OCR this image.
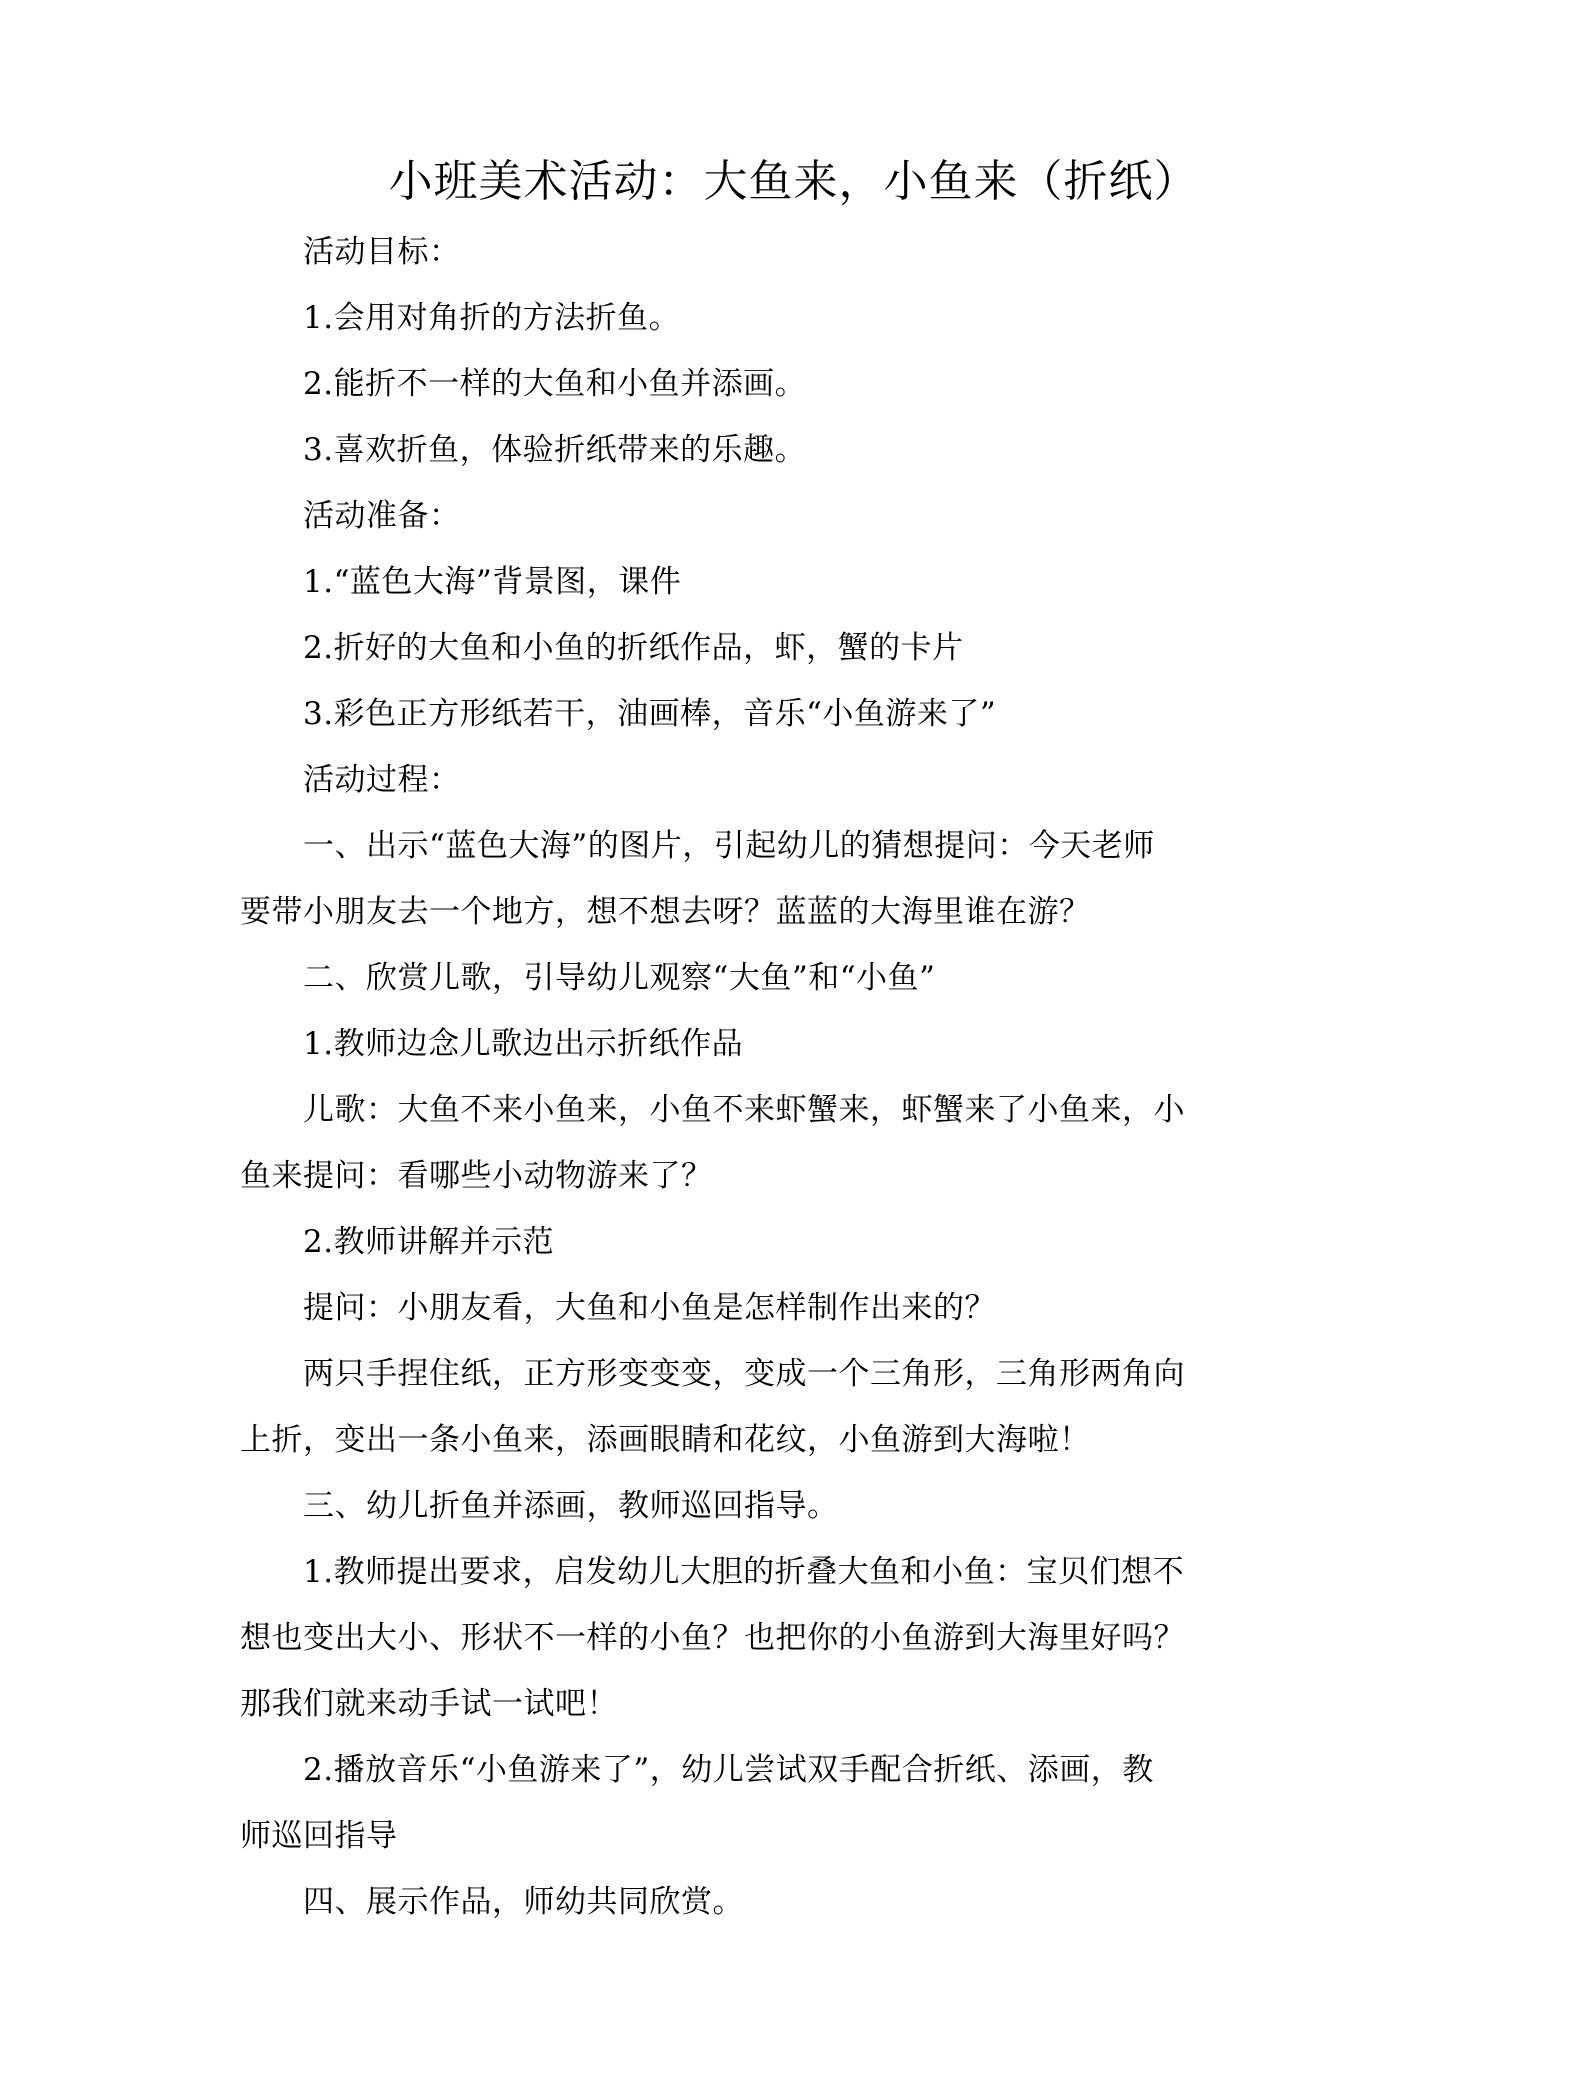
小班美术活动：大鱼来，小鱼来（折纸）
活动目标：
1.会用对角折的方法折鱼。
2.能折不一样的大鱼和小鱼并添画。
3.喜欢折鱼，体验折纸带来的乐趣。
活动准备：
1.“蓝色大海”背景图，课件
2.折好的大鱼和小鱼的折纸作品，虾，蟹的卡片
3.彩色正方形纸若干，油画棒，音乐“小鱼游来了”
活动过程：
一、出示“蓝色大海”的图片，引起幼儿的猜想提问：今天老师
要带小朋友去一个地方，想不想去呀？蓝蓝的大海里谁在游？
二、欣赏儿歌，引导幼儿观察“大鱼”和“小鱼”
1.教师边念儿歌边出示折纸作品
儿歌：大鱼不来小鱼来，小鱼不来虾蟹来，虾蟹来了小鱼来，小
鱼来提问：看哪些小动物游来了？
2.教师讲解并示范
提问：小朋友看，大鱼和小鱼是怎样制作出来的？
两只手捏住纸，正方形变变变，变成一个三角形，三角形两角向
上折，变出一条小鱼来，添画眼睛和花纹，小鱼游到大海啦！
三、幼儿折鱼并添画，教师巡回指导。
1.教师提出要求，启发幼儿大胆的折叠大鱼和小鱼：宝贝们想不
想也变出大小、形状不一样的小鱼？也把你的小鱼游到大海里好吗？
那我们就来动手试一试吧！
2.播放音乐“小鱼游来了”，幼儿尝试双手配合折纸、添画，教
师巡回指导
四、展示作品，师幼共同欣赏。
